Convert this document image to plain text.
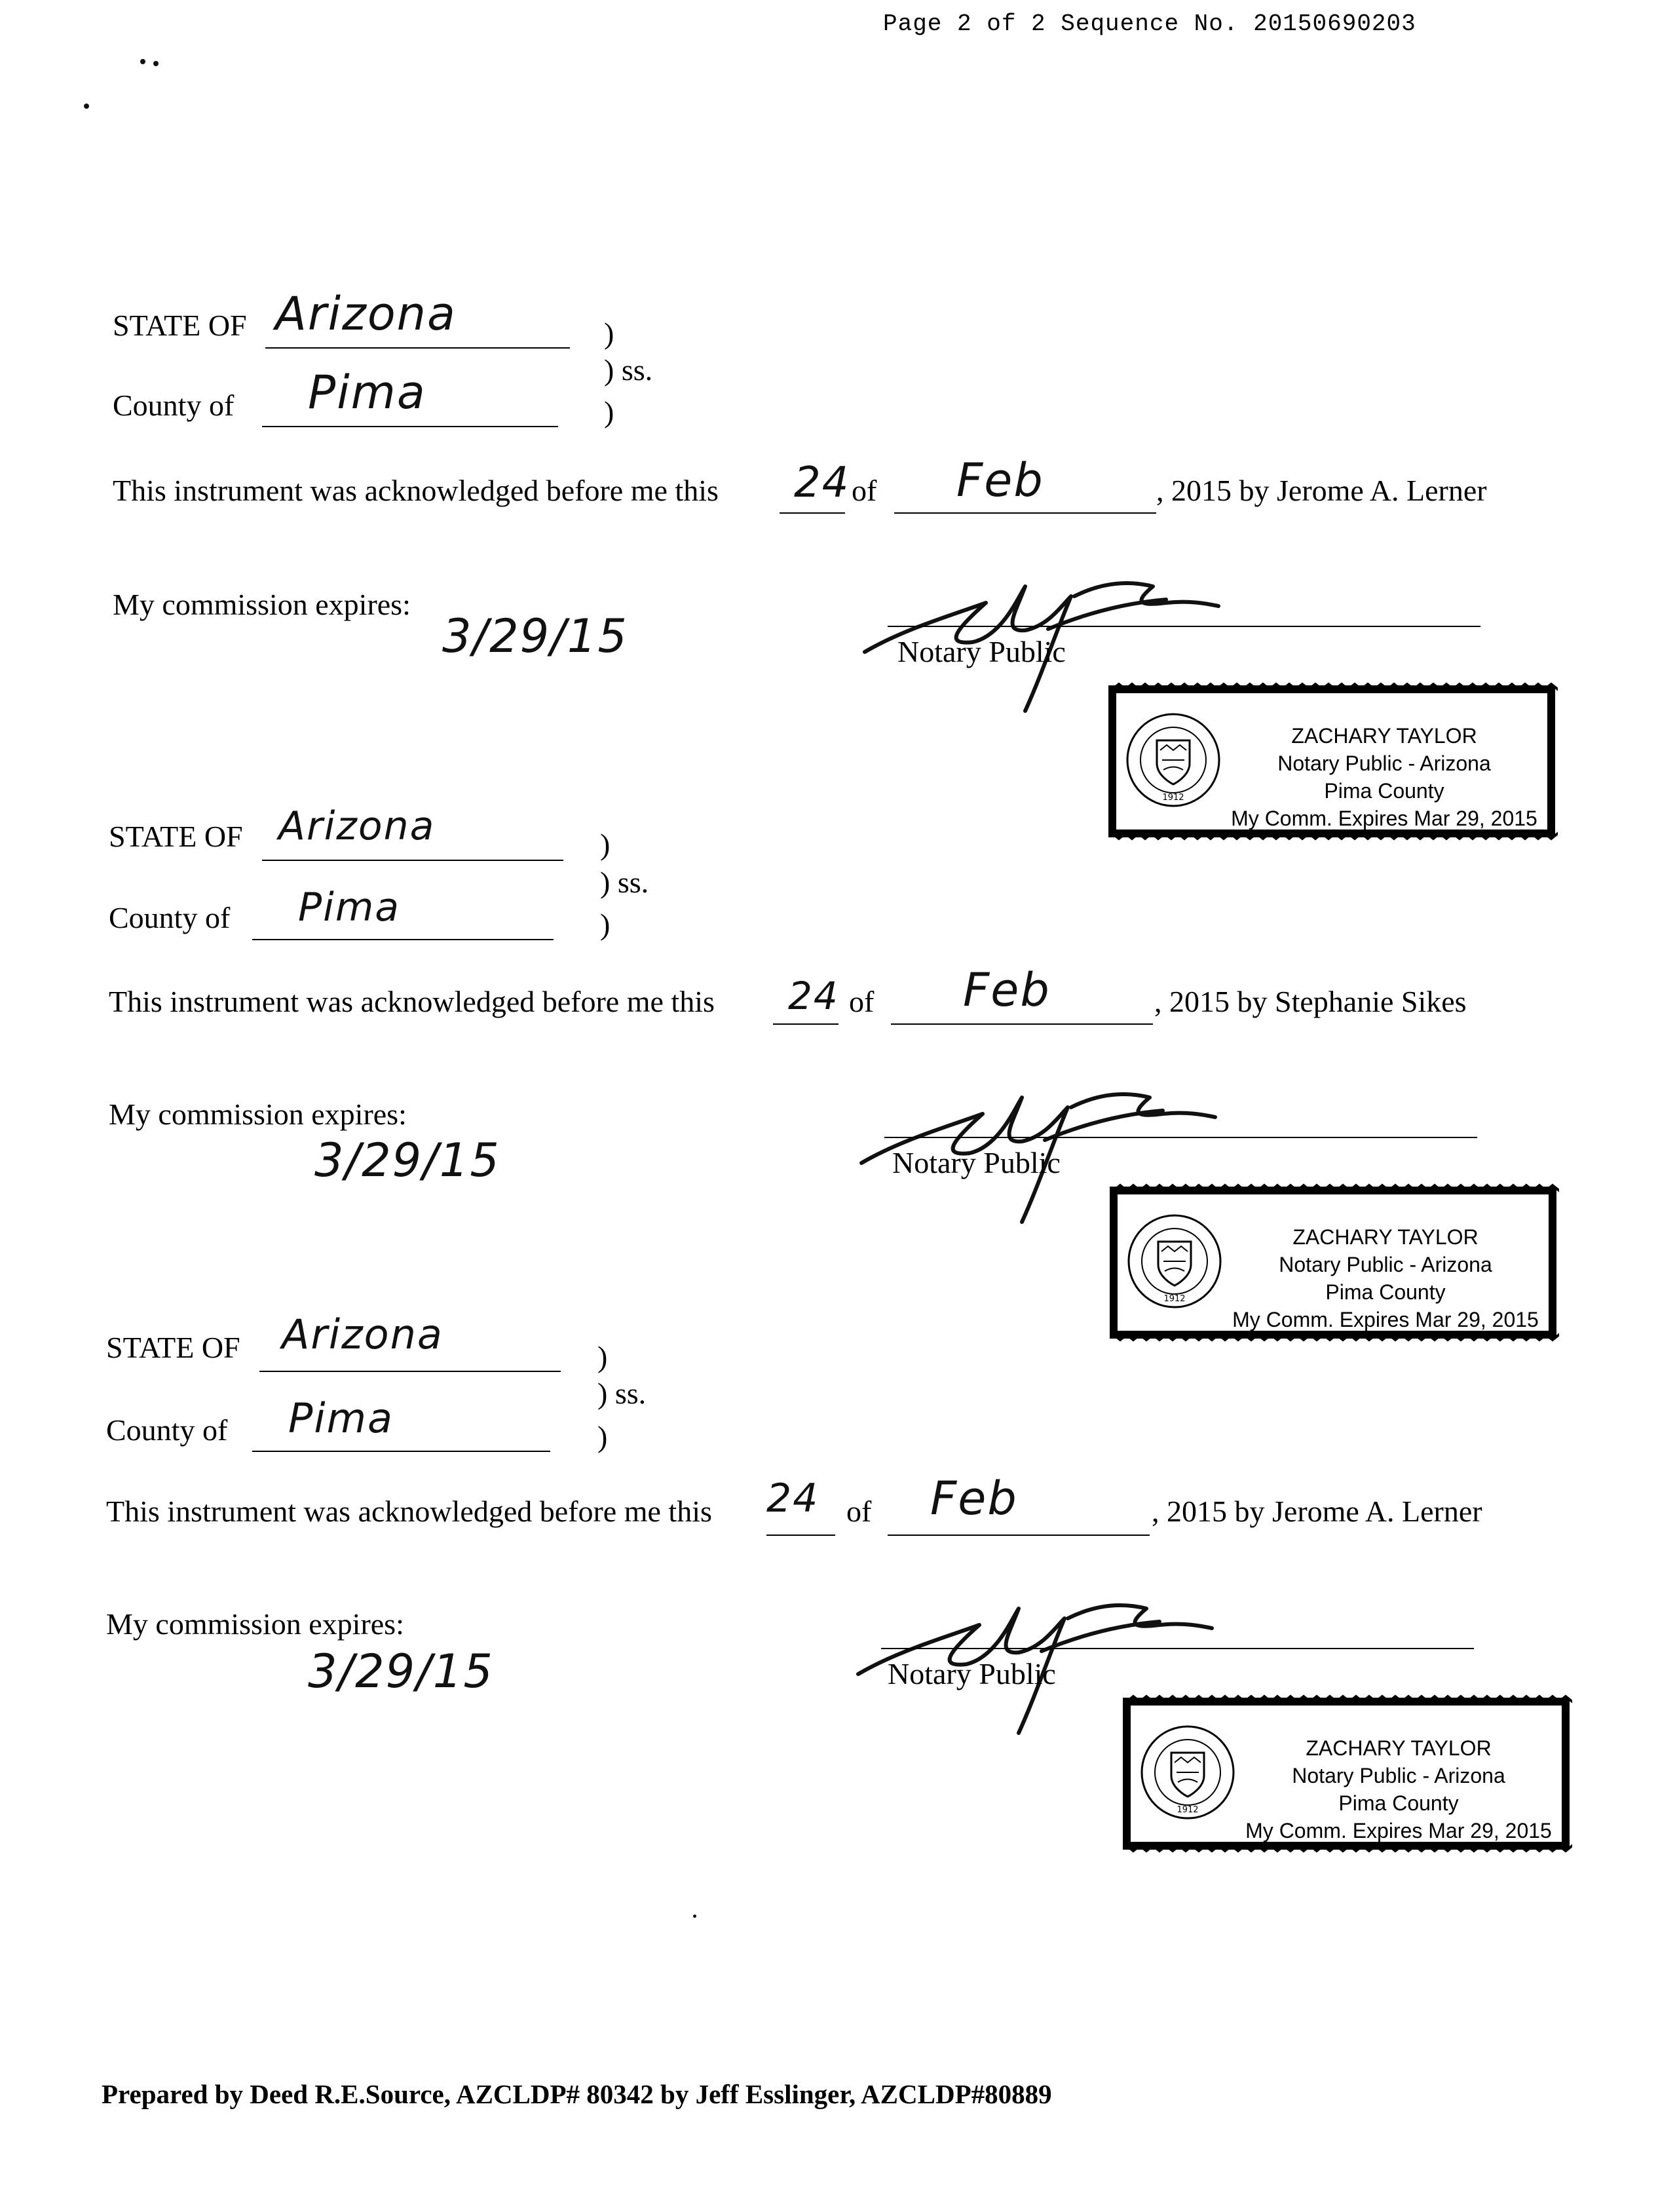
Page 2 of 2 Sequence No. 20150690203
STATE OF Arizona	)
) ss.
County of Pima	)
This instrument was acknowledged before me this 24 of Feb	, 2015 by Jerome A. Lerner
My commission expires:
3/29/15	Notary Public
1912
ZACHARY TAYLOR
Notary Public - Arizona
Pima County
My Comm. Expires Mar 29, 2015
STATE OF Arizona	)
) ss.
County of Pima	)
This instrument was acknowledged before me this 24 of Feb	, 2015 by Stephanie Sikes
My commission expires:
3/29/15	Notary Public
1912
ZACHARY TAYLOR
Notary Public - Arizona
Pima County
My Comm. Expires Mar 29, 2015
STATE OF Arizona	)
) ss.
County of Pima	)
This instrument was acknowledged before me this 24 of Feb	, 2015 by Jerome A. Lerner
My commission expires:
3/29/15	Notary Public
1912
ZACHARY TAYLOR
Notary Public - Arizona
Pima County
My Comm. Expires Mar 29, 2015
Prepared by Deed R.E.Source, AZCLDP# 80342 by Jeff Esslinger, AZCLDP#80889
